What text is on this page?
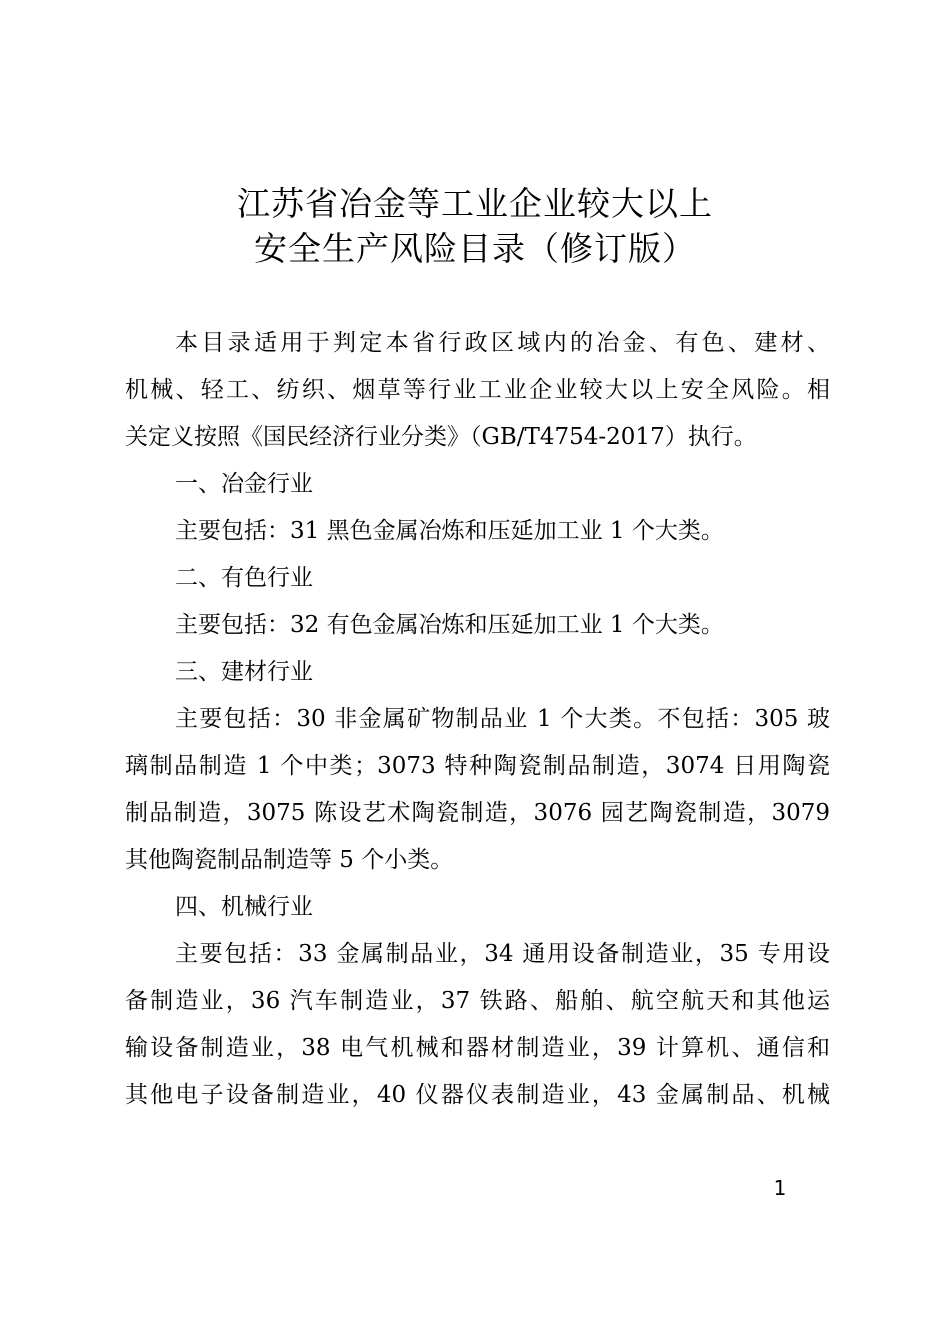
江苏省冶金等工业企业较大以上
安全生产风险目录（修订版）
本目录适用于判定本省行政区域内的冶金、有色、建材、
机械、轻工、纺织、烟草等行业工业企业较大以上安全风险。相
关定义按照《国民经济行业分类》（GB/T4754-2017）执行。
一、冶金行业
主要包括：31 黑色金属冶炼和压延加工业 1 个大类。
二、有色行业
主要包括：32 有色金属冶炼和压延加工业 1 个大类。
三、建材行业
主要包括：30 非金属矿物制品业 1 个大类。不包括：305 玻
璃制品制造 1 个中类；3073 特种陶瓷制品制造，3074 日用陶瓷
制品制造，3075 陈设艺术陶瓷制造，3076 园艺陶瓷制造，3079
其他陶瓷制品制造等 5 个小类。
四、机械行业
主要包括：33 金属制品业，34 通用设备制造业，35 专用设
备制造业，36 汽车制造业，37 铁路、船舶、航空航天和其他运
输设备制造业，38 电气机械和器材制造业，39 计算机、通信和
其他电子设备制造业，40 仪器仪表制造业，43 金属制品、机械
1
